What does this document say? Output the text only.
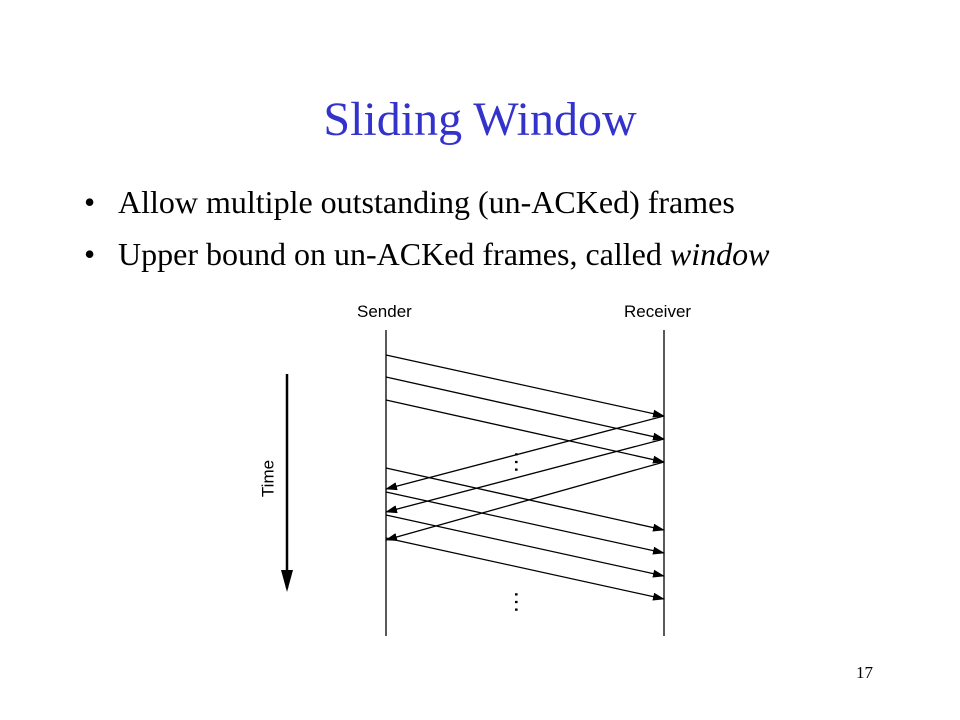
Sliding Window
• Allow multiple outstanding (un-ACKed) frames
• Upper bound on un-ACKed frames, called window
Sender	Receiver
Time	…
…
17
